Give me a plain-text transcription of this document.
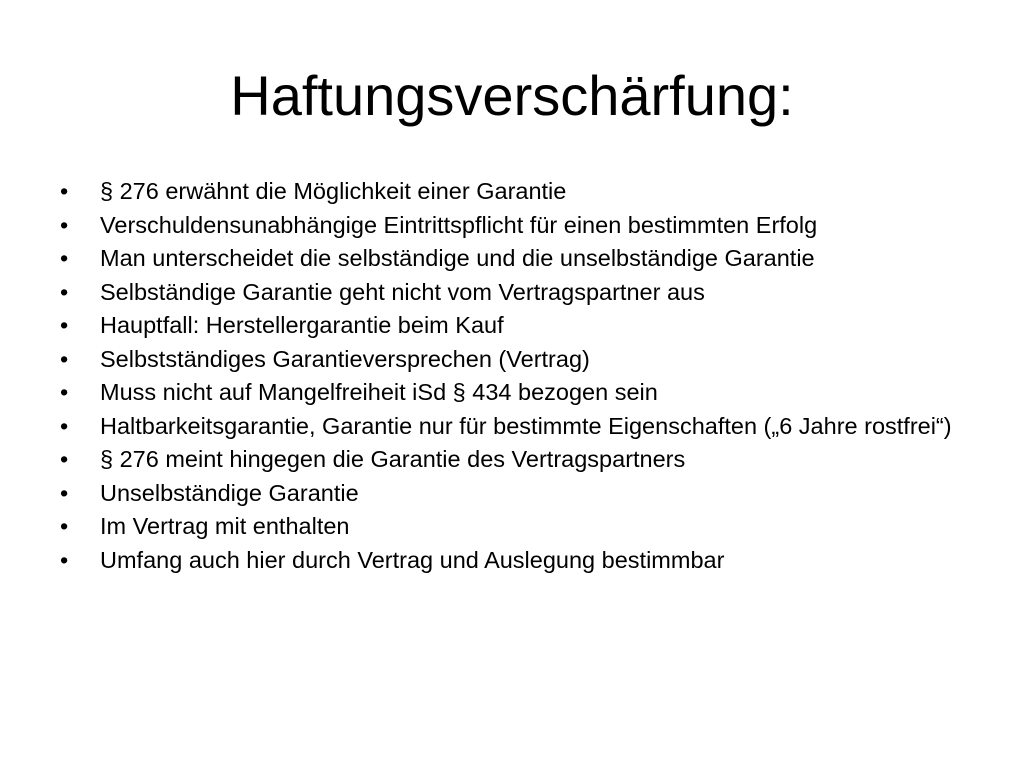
Haftungsverschärfung:
• § 276 erwähnt die Möglichkeit einer Garantie
• Verschuldensunabhängige Eintrittspflicht für einen bestimmten Erfolg
• Man unterscheidet die selbständige und die unselbständige Garantie
• Selbständige Garantie geht nicht vom Vertragspartner aus
• Hauptfall: Herstellergarantie beim Kauf
• Selbstständiges Garantieversprechen (Vertrag)
• Muss nicht auf Mangelfreiheit iSd § 434 bezogen sein
• Haltbarkeitsgarantie, Garantie nur für bestimmte Eigenschaften („6 Jahre rostfrei“)
• § 276 meint hingegen die Garantie des Vertragspartners
• Unselbständige Garantie
• Im Vertrag mit enthalten
• Umfang auch hier durch Vertrag und Auslegung bestimmbar
